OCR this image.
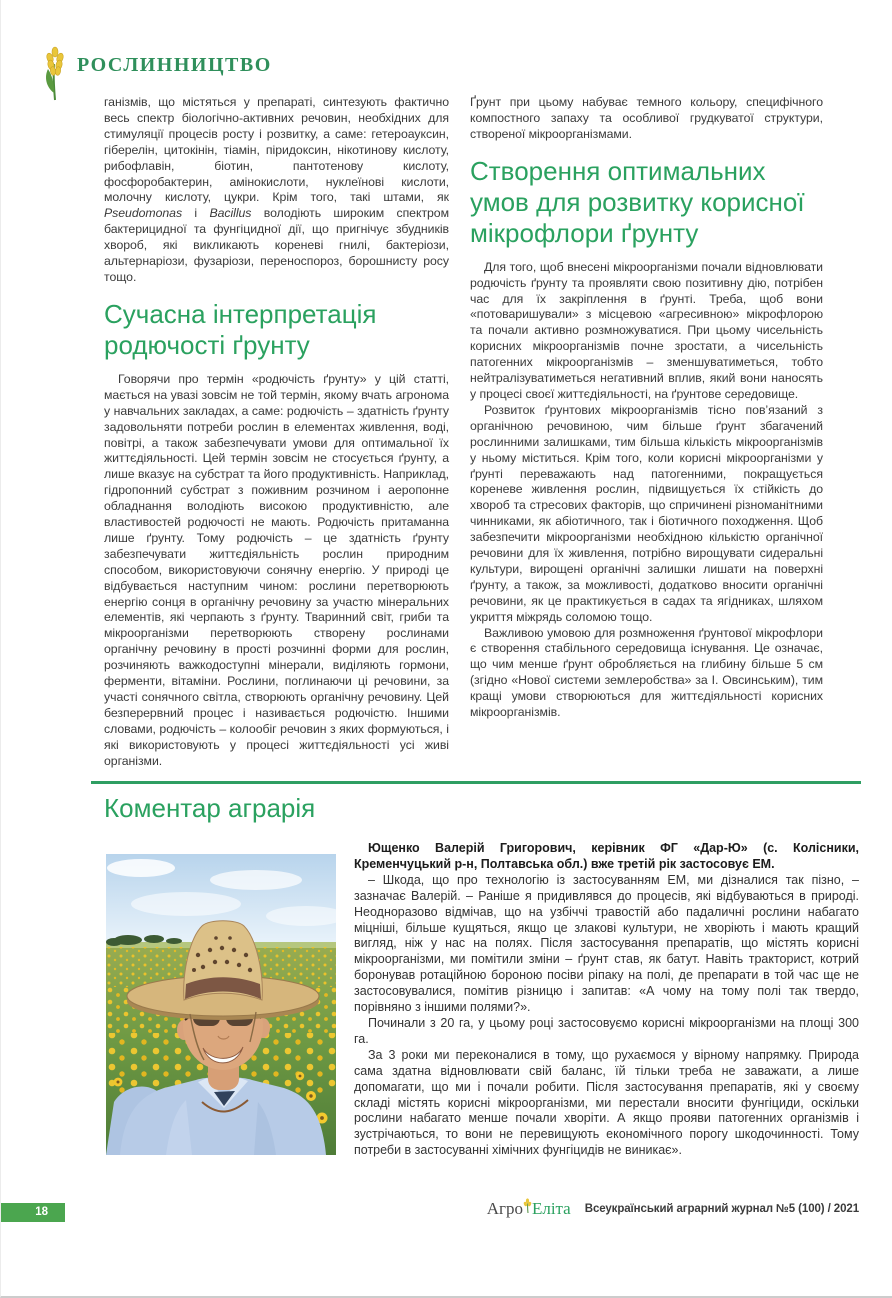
РОСЛИННИЦТВО

ганізмів, що містяться у препараті, синтезують фактично весь спектр біологічно-активних речовин, необхідних для стимуляції процесів росту і розвитку, а саме: гетероауксин, гіберелін, цитокінін, тіамін, піридоксин, нікотинову кислоту, рибофлавін, біотин, пантотенову кислоту, фосфоробактерин, амінокислоти, нуклеїнові кислоти, молочну кислоту, цукри. Крім того, такі штами, як Pseudomonas і Bacillus володіють широким спектром бактерицидної та фунгіцидної дії, що пригнічує збудників хвороб, які викликають кореневі гнилі, бактеріози, альтернаріози, фузаріози, переноспороз, борошнисту росу тощо.

Сучасна інтерпретація родючості ґрунту

Говорячи про термін «родючість ґрунту» у цій статті, мається на увазі зовсім не той термін, якому вчать агронома у навчальних закладах, а саме: родючість – здатність ґрунту задовольняти потреби рослин в елементах живлення, воді, повітрі, а також забезпечувати умови для оптимальної їх життєдіяльності. Цей термін зовсім не стосується ґрунту, а лише вказує на субстрат та його продуктивність. Наприклад, гідропонний субстрат з поживним розчином і аеропонне обладнання володіють високою продуктивністю, але властивостей родючості не мають. Родючість притаманна лише ґрунту. Тому родючість – це здатність ґрунту забезпечувати життєдіяльність рослин природним способом, використовуючи сонячну енергію. У природі це відбувається наступним чином: рослини перетворюють енергію сонця в органічну речовину за участю мінеральних елементів, які черпають з ґрунту. Тваринний світ, гриби та мікроорганізми перетворюють створену рослинами органічну речовину в прості розчинні форми для рослин, розчиняють важкодоступні мінерали, виділяють гормони, ферменти, вітаміни. Рослини, поглинаючи ці речовини, за участі сонячного світла, створюють органічну речовину. Цей безперервний процес і називається родючістю. Іншими словами, родючість – колообіг речовин з яких формуються, і які використовують у процесі життєдіяльності усі живі організми.

Ґрунт при цьому набуває темного кольору, специфічного компостного запаху та особливої грудкуватої структури, створеної мікроорганізмами.

Створення оптимальних умов для розвитку корисної мікрофлори ґрунту

Для того, щоб внесені мікроорганізми почали відновлювати родючість ґрунту та проявляти свою позитивну дію, потрібен час для їх закріплення в ґрунті. Треба, щоб вони «потоваришували» з місцевою «агресивною» мікрофлорою та почали активно розмножуватися. При цьому чисельність корисних мікроорганізмів почне зростати, а чисельність патогенних мікроорганізмів – зменшуватиметься, тобто нейтралізуватиметься негативний вплив, який вони наносять у процесі своєї життєдіяльності, на ґрунтове середовище.

Розвиток ґрунтових мікроорганізмів тісно пов’язаний з органічною речовиною, чим більше ґрунт збагачений рослинними залишками, тим більша кількість мікроорганізмів у ньому міститься. Крім того, коли корисні мікроорганізми у ґрунті переважають над патогенними, покращується кореневе живлення рослин, підвищується їх стійкість до хвороб та стресових факторів, що спричинені різноманітними чинниками, як абіотичного, так і біотичного походження. Щоб забезпечити мікроорганізми необхідною кількістю органічної речовини для їх живлення, потрібно вирощувати сидеральні культури, вирощені органічні залишки лишати на поверхні ґрунту, а також, за можливості, додатково вносити органічні речовини, як це практикується в садах та ягідниках, шляхом укриття міжрядь соломою тощо.

Важливою умовою для розмноження ґрунтової мікрофлори є створення стабільного середовища існування. Це означає, що чим менше ґрунт обробляється на глибину більше 5 см (згідно «Нової системи землеробства» за І. Овсинським), тим кращі умови створюються для життєдіяльності корисних мікроорганізмів.

Коментар аграрія

Ющенко Валерій Григорович, керівник ФГ «Дар-Ю» (с. Колісники, Кременчуцький р-н, Полтавська обл.) вже третій рік застосовує ЕМ.

– Шкода, що про технологію із застосуванням ЕМ, ми дізналися так пізно, – зазначає Валерій. – Раніше я придивлявся до процесів, які відбуваються в природі. Неодноразово відмічав, що на узбіччі травостій або падаличні рослини набагато міцніші, більше кущяться, якщо це злакові культури, не хворіють і мають кращий вигляд, ніж у нас на полях. Після застосування препаратів, що містять корисні мікроорганізми, ми помітили зміни – ґрунт став, як батут. Навіть тракторист, котрий боронував ротаційною бороною посіви ріпаку на полі, де препарати в той час ще не застосовувалися, помітив різницю і запитав: «А чому на тому полі так твердо, порівняно з іншими полями?».

Починали з 20 га, у цьому році застосовуємо корисні мікроорганізми на площі 300 га.

За 3 роки ми переконалися в тому, що рухаємося у вірному напрямку. Природа сама здатна відновлювати свій баланс, їй тільки треба не заважати, а лише допомагати, що ми і почали робити. Після застосування препаратів, які у своєму складі містять корисні мікроорганізми, ми перестали вносити фунгіциди, оскільки рослини набагато менше почали хворіти. А якщо прояви патогенних організмів і зустрічаються, то вони не перевищують економічного порогу шкодочинності. Тому потреби в застосуванні хімічних фунгіцидів не виникає».

18	Агро Еліта Всеукраїнський аграрний журнал №5 (100) / 2021
